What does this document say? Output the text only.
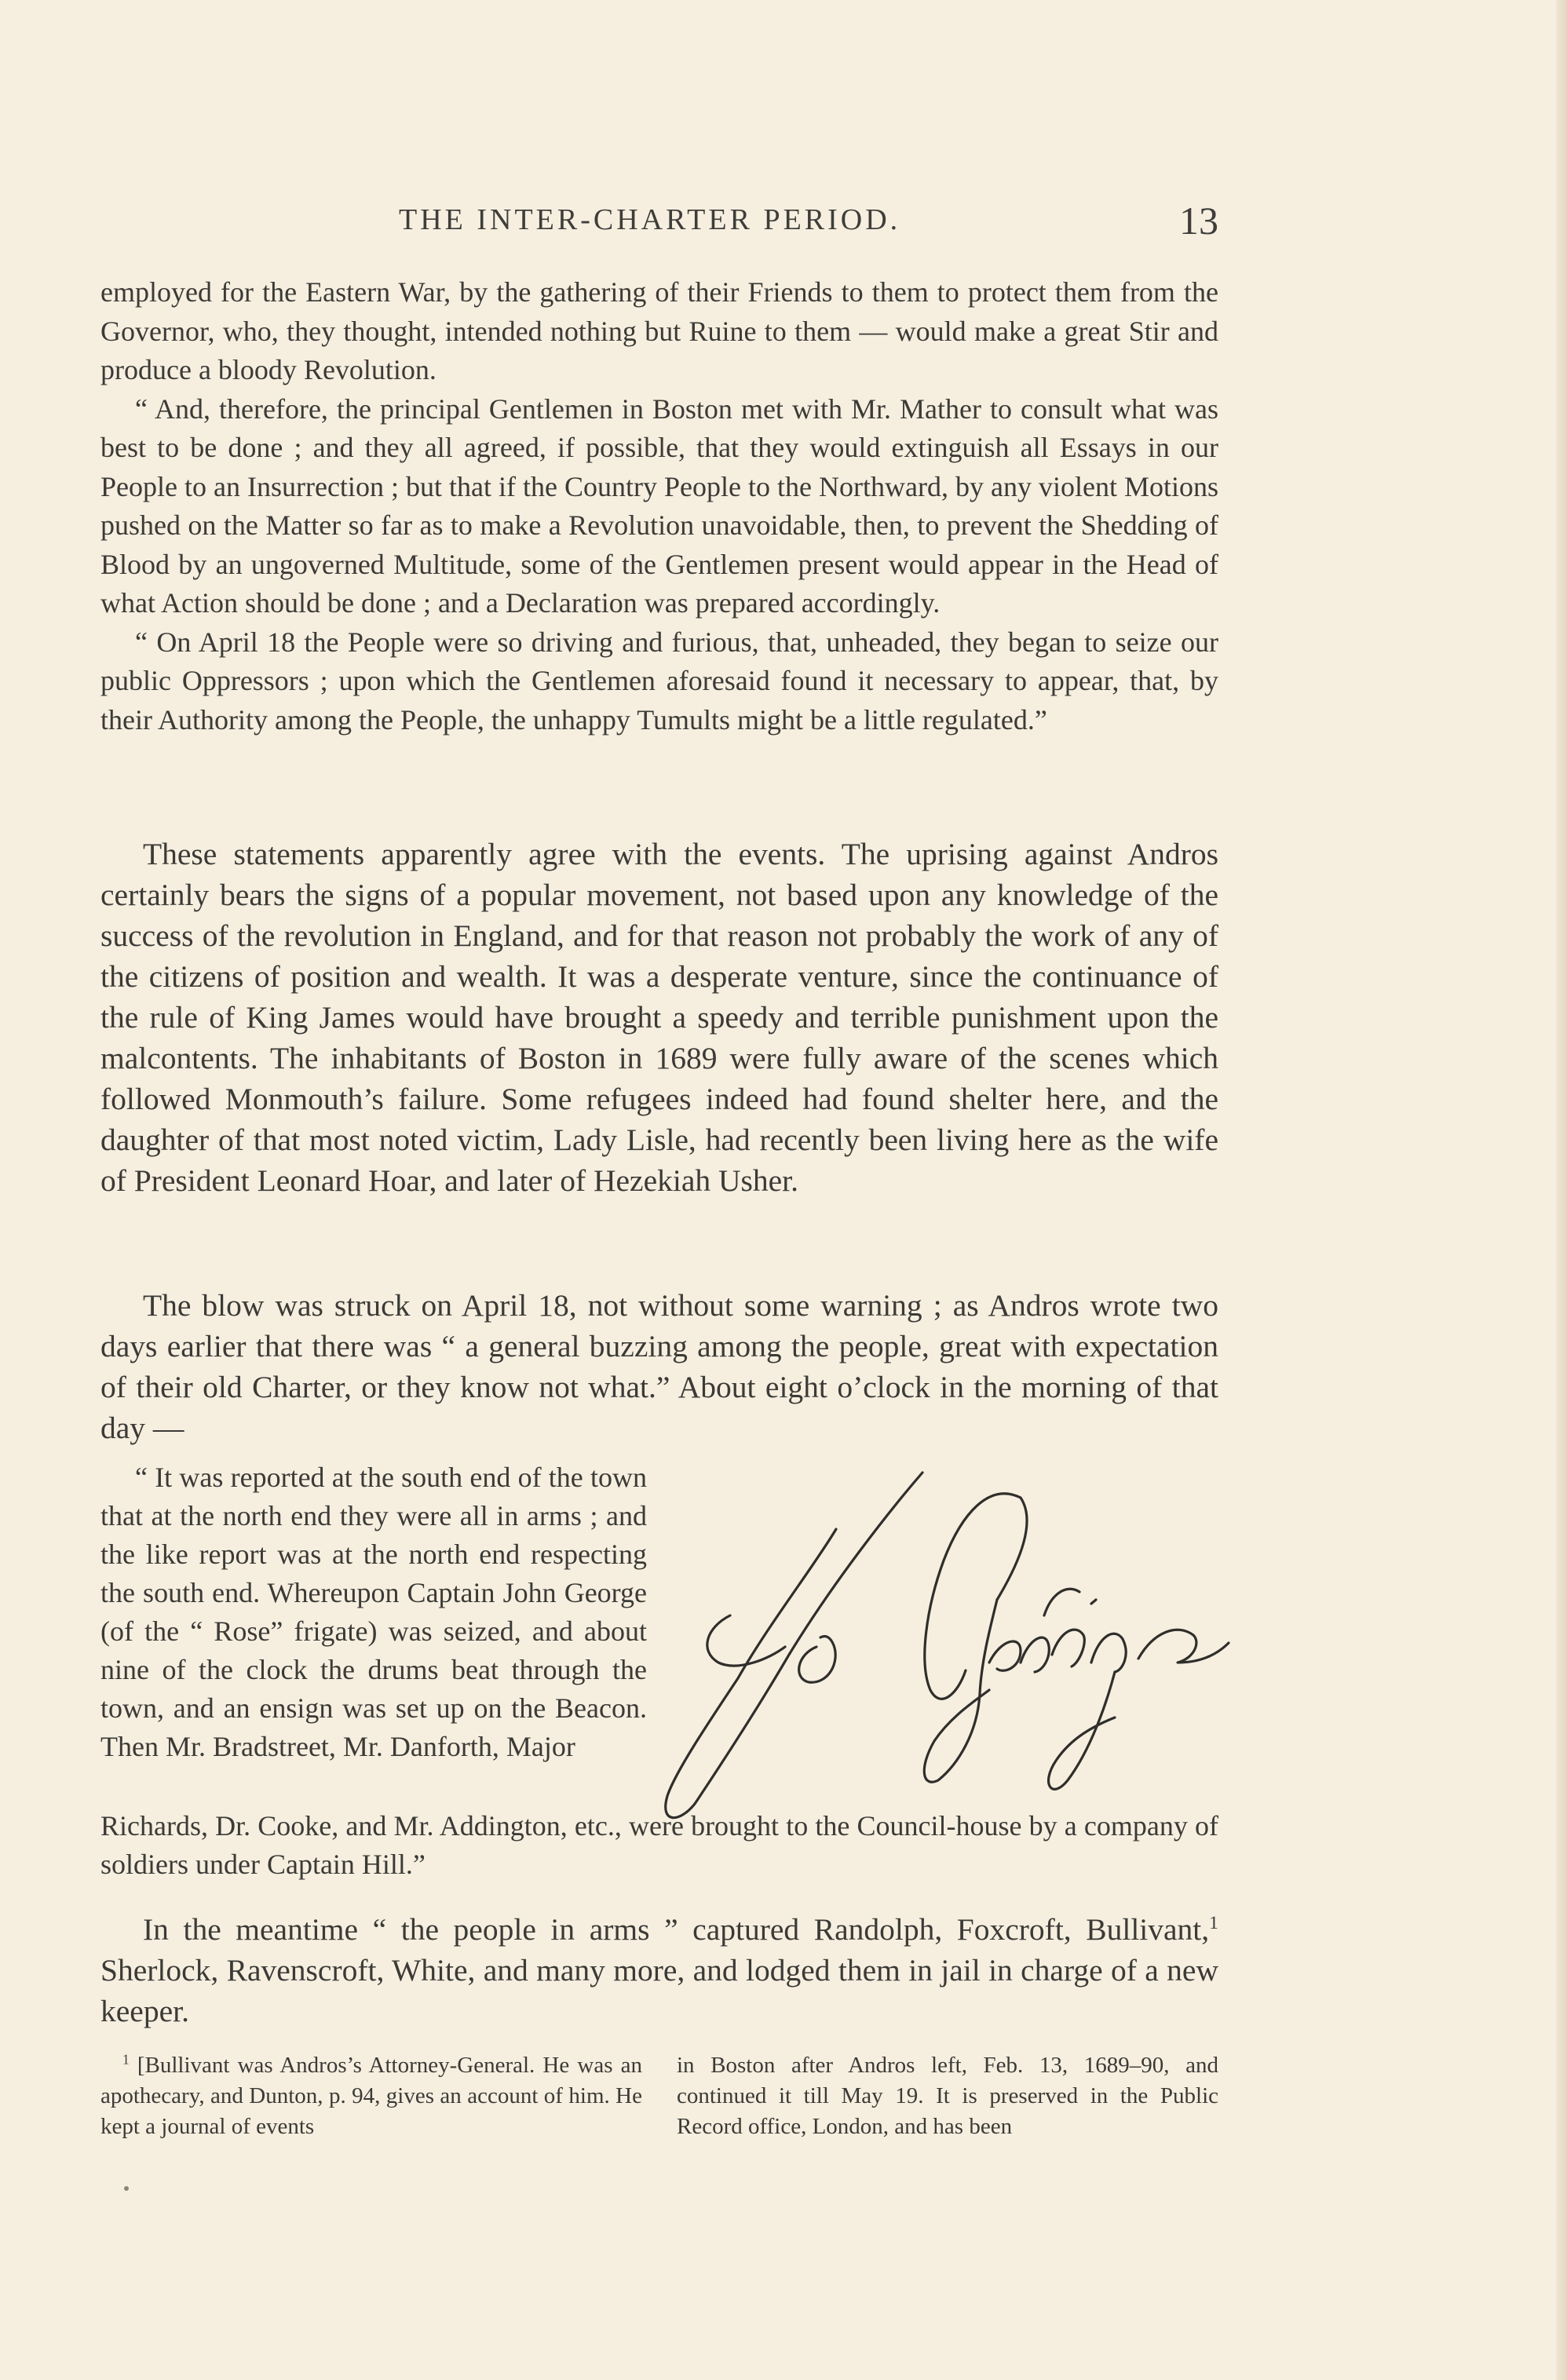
THE INTER-CHARTER PERIOD.	13

employed for the Eastern War, by the gathering of their Friends to them to protect them from the Governor, who, they thought, intended nothing but Ruine to them — would make a great Stir and produce a bloody Revolution.

“ And, therefore, the principal Gentlemen in Boston met with Mr. Mather to consult what was best to be done ; and they all agreed, if possible, that they would extinguish all Essays in our People to an Insurrection ; but that if the Country People to the Northward, by any violent Motions pushed on the Matter so far as to make a Revolution unavoidable, then, to prevent the Shedding of Blood by an ungoverned Multitude, some of the Gentlemen present would appear in the Head of what Action should be done ; and a Declaration was prepared accordingly.

“ On April 18 the People were so driving and furious, that, unheaded, they began to seize our public Oppressors ; upon which the Gentlemen aforesaid found it necessary to appear, that, by their Authority among the People, the unhappy Tumults might be a little regulated.”

These statements apparently agree with the events. The uprising against Andros certainly bears the signs of a popular movement, not based upon any knowledge of the success of the revolution in England, and for that reason not probably the work of any of the citizens of position and wealth. It was a desperate venture, since the continuance of the rule of King James would have brought a speedy and terrible punishment upon the malcontents. The inhabitants of Boston in 1689 were fully aware of the scenes which followed Monmouth’s failure. Some refugees indeed had found shelter here, and the daughter of that most noted victim, Lady Lisle, had recently been living here as the wife of President Leonard Hoar, and later of Hezekiah Usher.

The blow was struck on April 18, not without some warning ; as Andros wrote two days earlier that there was “ a general buzzing among the people, great with expectation of their old Charter, or they know not what.” About eight o’clock in the morning of that day —

“ It was reported at the south end of the town that at the north end they were all in arms ; and the like report was at the north end respecting the south end. Whereupon Captain John George (of the “ Rose” frigate) was seized, and about nine of the clock the drums beat through the town, and an ensign was set up on the Beacon. Then Mr. Bradstreet, Mr. Danforth, Major

Richards, Dr. Cooke, and Mr. Addington, etc., were brought to the Council-house by a company of soldiers under Captain Hill.”

In the meantime “ the people in arms ” captured Randolph, Foxcroft, Bullivant,$^1$ Sherlock, Ravenscroft, White, and many more, and lodged them in jail in charge of a new keeper.

$^1$ [Bullivant was Andros’s Attorney-General. He was an apothecary, and Dunton, p. 94, gives an account of him. He kept a journal of events

in Boston after Andros left, Feb. 13, 1689–90, and continued it till May 19. It is preserved in the Public Record office, London, and has been
